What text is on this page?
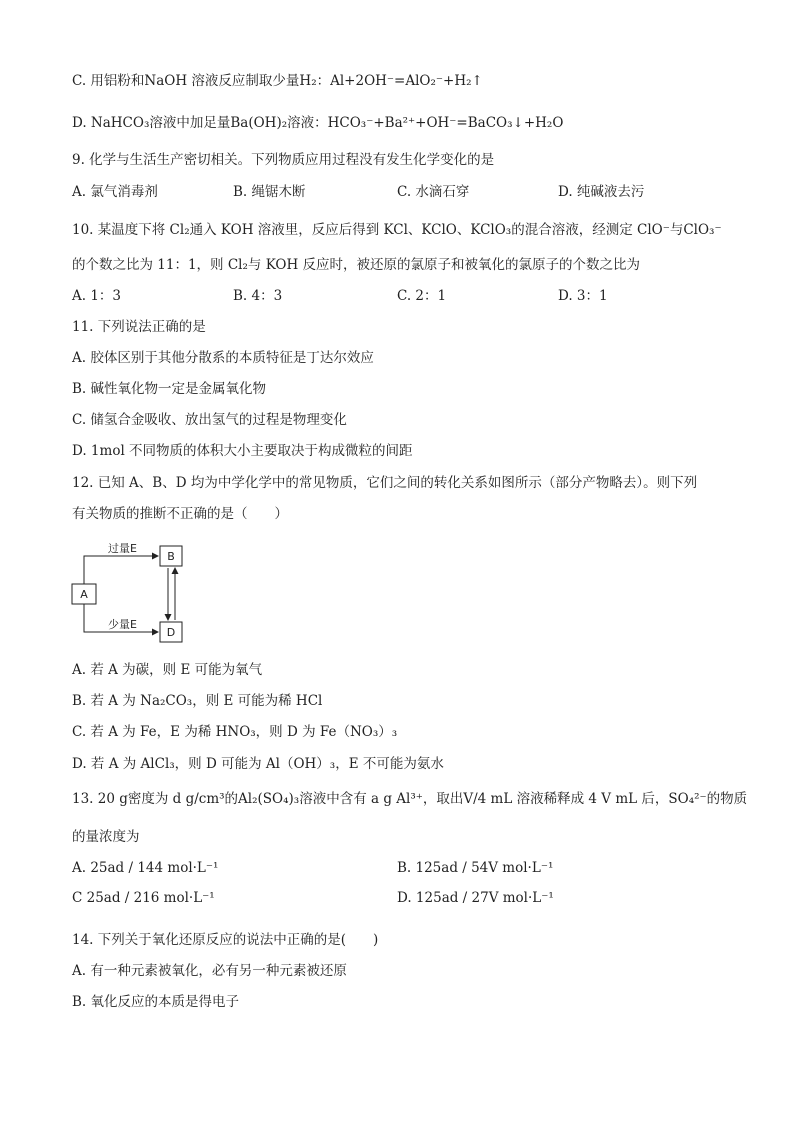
C. 用铝粉和NaOH 溶液反应制取少量H₂：Al+2OH⁻=AlO₂⁻+H₂↑
D. NaHCO₃溶液中加足量Ba(OH)₂溶液：HCO₃⁻+Ba²⁺+OH⁻=BaCO₃↓+H₂O
9. 化学与生活生产密切相关。下列物质应用过程没有发生化学变化的是
A. 氯气消毒剂	B. 绳锯木断	C. 水滴石穿	D. 纯碱液去污
10. 某温度下将 Cl₂通入 KOH 溶液里，反应后得到 KCl、KClO、KClO₃的混合溶液，经测定 ClO⁻与ClO₃⁻
的个数之比为 11：1，则 Cl₂与 KOH 反应时，被还原的氯原子和被氧化的氯原子的个数之比为
A. 1：3	B. 4：3	C. 2：1	D. 3：1
11. 下列说法正确的是
A. 胶体区别于其他分散系的本质特征是丁达尔效应
B. 碱性氧化物一定是金属氧化物
C. 储氢合金吸收、放出氢气的过程是物理变化
D. 1mol 不同物质的体积大小主要取决于构成微粒的间距
12. 已知 A、B、D 均为中学化学中的常见物质，它们之间的转化关系如图所示（部分产物略去）。则下列
有关物质的推断不正确的是（　　）
A
B
D
过量E
少量E
A. 若 A 为碳，则 E 可能为氧气
B. 若 A 为 Na₂CO₃，则 E 可能为稀 HCl
C. 若 A 为 Fe，E 为稀 HNO₃，则 D 为 Fe（NO₃）₃
D. 若 A 为 AlCl₃，则 D 可能为 Al（OH）₃，E 不可能为氨水
13. 20 g密度为 d g/cm³的Al₂(SO₄)₃溶液中含有 a g Al³⁺，取出V/4 mL 溶液稀释成 4 V mL 后，SO₄²⁻的物质
的量浓度为
A. 25ad / 144 mol·L⁻¹	B. 125ad / 54V mol·L⁻¹
C 25ad / 216 mol·L⁻¹	D. 125ad / 27V mol·L⁻¹
14. 下列关于氧化还原反应的说法中正确的是(　　)
A. 有一种元素被氧化，必有另一种元素被还原
B. 氧化反应的本质是得电子
